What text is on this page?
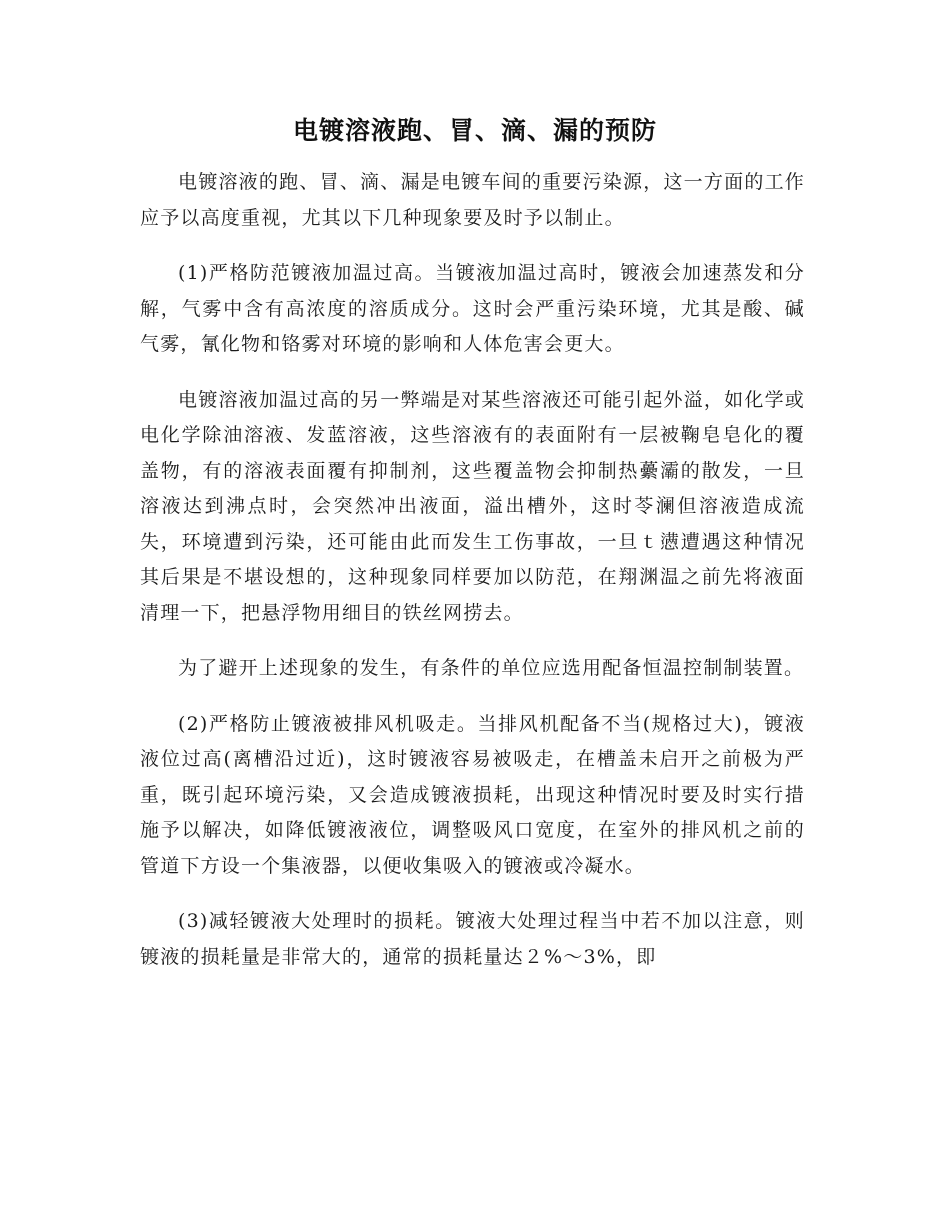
电镀溶液跑、冒、滴、漏的预防

电镀溶液的跑、冒、滴、漏是电镀车间的重要污染源，这一方面的工作应予以高度重视，尤其以下几种现象要及时予以制止。

(1)严格防范镀液加温过高。当镀液加温过高时，镀液会加速蒸发和分解，气雾中含有高浓度的溶质成分。这时会严重污染环境，尤其是酸、碱气雾，氰化物和铬雾对环境的影响和人体危害会更大。

电镀溶液加温过高的另一弊端是对某些溶液还可能引起外溢，如化学或电化学除油溶液、发蓝溶液，这些溶液有的表面附有一层被鞠皂皂化的覆盖物，有的溶液表面覆有抑制剂，这些覆盖物会抑制热虆灞的散发，一旦溶液达到沸点时，会突然冲出液面，溢出槽外，这时苓澜但溶液造成流失，环境遭到污染，还可能由此而发生工伤事故，一旦ｔ懑遭遇这种情况其后果是不堪设想的，这种现象同样要加以防范，在翔渊温之前先将液面清理一下，把悬浮物用细目的铁丝网捞去。

为了避开上述现象的发生，有条件的单位应选用配备恒温控制制装置。

(2)严格防止镀液被排风机吸走。当排风机配备不当(规格过大)，镀液液位过高(离槽沿过近)，这时镀液容易被吸走，在槽盖未启开之前极为严重，既引起环境污染，又会造成镀液损耗，出现这种情况时要及时实行措施予以解决，如降低镀液液位，调整吸风口宽度，在室外的排风机之前的管道下方设一个集液器，以便收集吸入的镀液或冷凝水。

(3)减轻镀液大处理时的损耗。镀液大处理过程当中若不加以注意，则镀液的损耗量是非常大的，通常的损耗量达２%～3%，即
